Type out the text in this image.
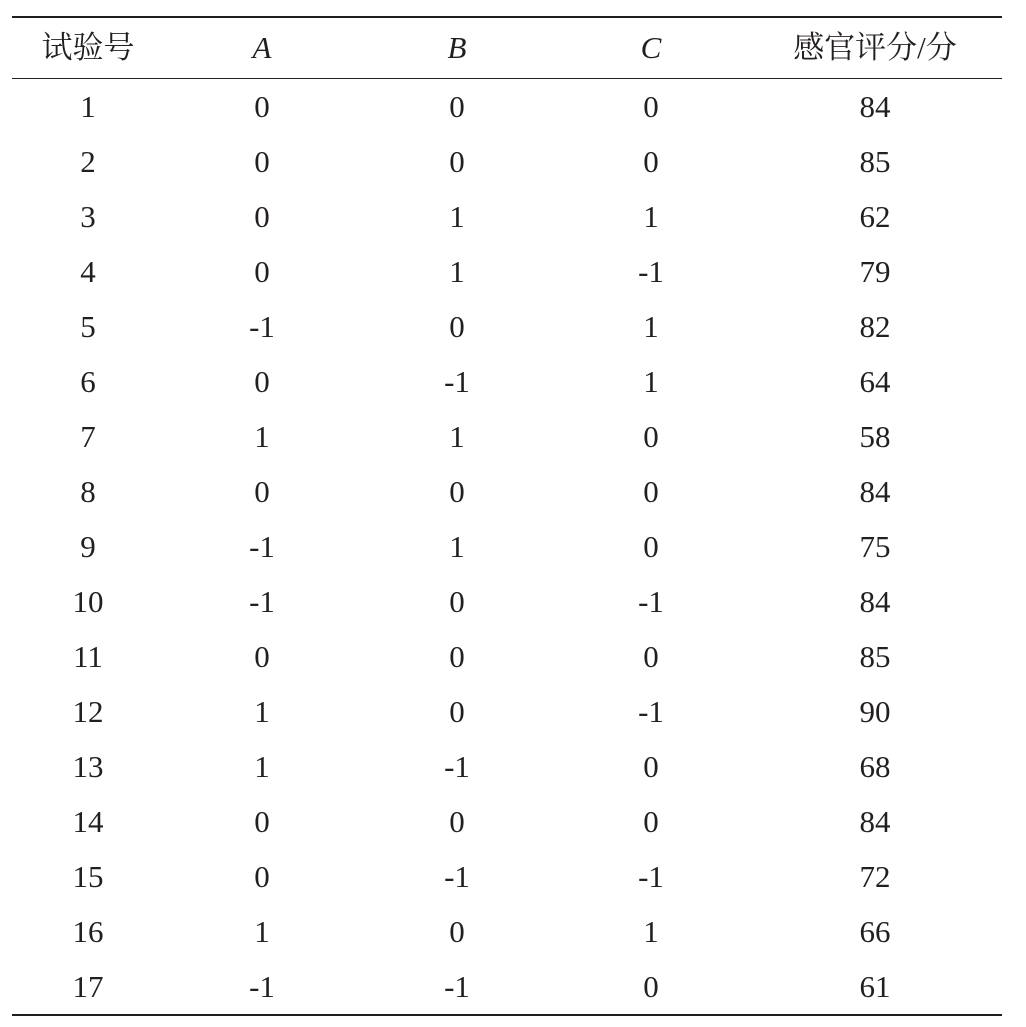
试验号	A	B	C	感官评分/分
1	0	0	0	84
2	0	0	0	85
3	0	1	1	62
4	0	1	-1	79
5	-1	0	1	82
6	0	-1	1	64
7	1	1	0	58
8	0	0	0	84
9	-1	1	0	75
10	-1	0	-1	84
11	0	0	0	85
12	1	0	-1	90
13	1	-1	0	68
14	0	0	0	84
15	0	-1	-1	72
16	1	0	1	66
17	-1	-1	0	61
